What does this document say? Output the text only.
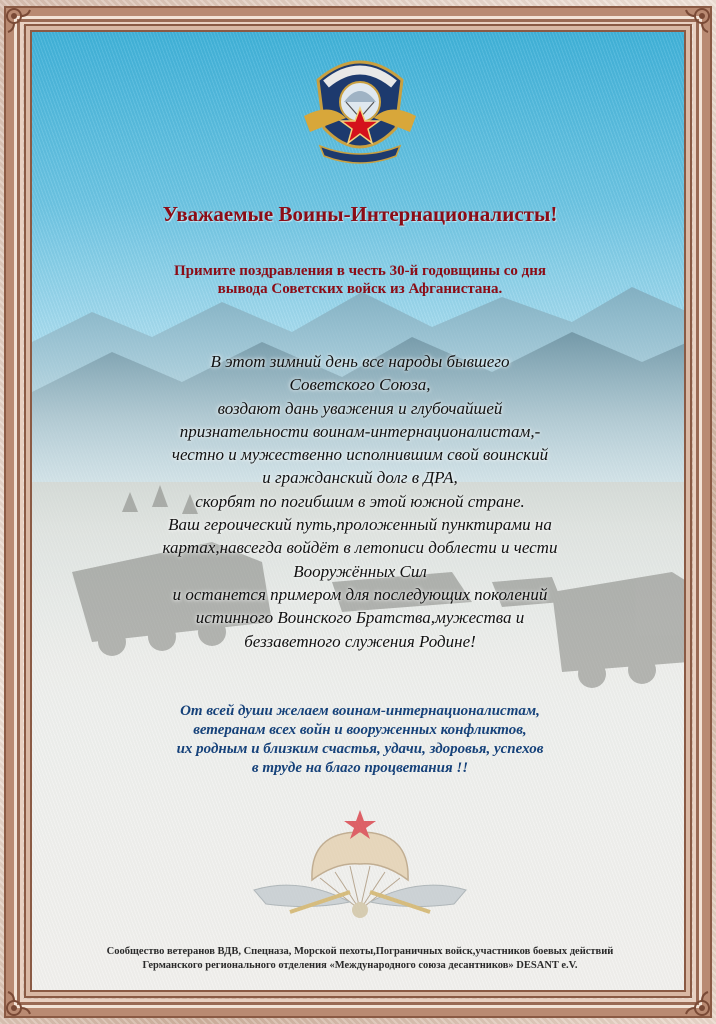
Уважаемые Воины-Интернационалисты!
Примите поздравления в честь 30-й годовщины со дня
вывода Советских войск из Афганистана.
В этот зимний день все народы бывшего
Советского Союза,
воздают дань уважения и глубочайшей
признательности воинам-интернационалистам,-
честно и мужественно исполнившим свой воинский
и гражданский долг в ДРА,
скорбят по погибшим в этой южной стране.
Ваш героический путь,проложенный пунктирами на
картах,навсегда войдёт в летописи доблести и чести
Вооружённых Сил
и останется примером для последующих поколений
истинного Воинского Братства,мужества и
беззаветного служения Родине!
От всей души желаем воинам-интернационалистам,
ветеранам всех войн и вооруженных конфликтов,
их родным и близким счастья, удачи, здоровья, успехов
в труде на благо процветания !!
Сообщество ветеранов ВДВ, Спецназа, Морской пехоты,Пограничных войск,участников боевых действий
Германского регионального отделения «Международного союза десантников» DESANT e.V.
